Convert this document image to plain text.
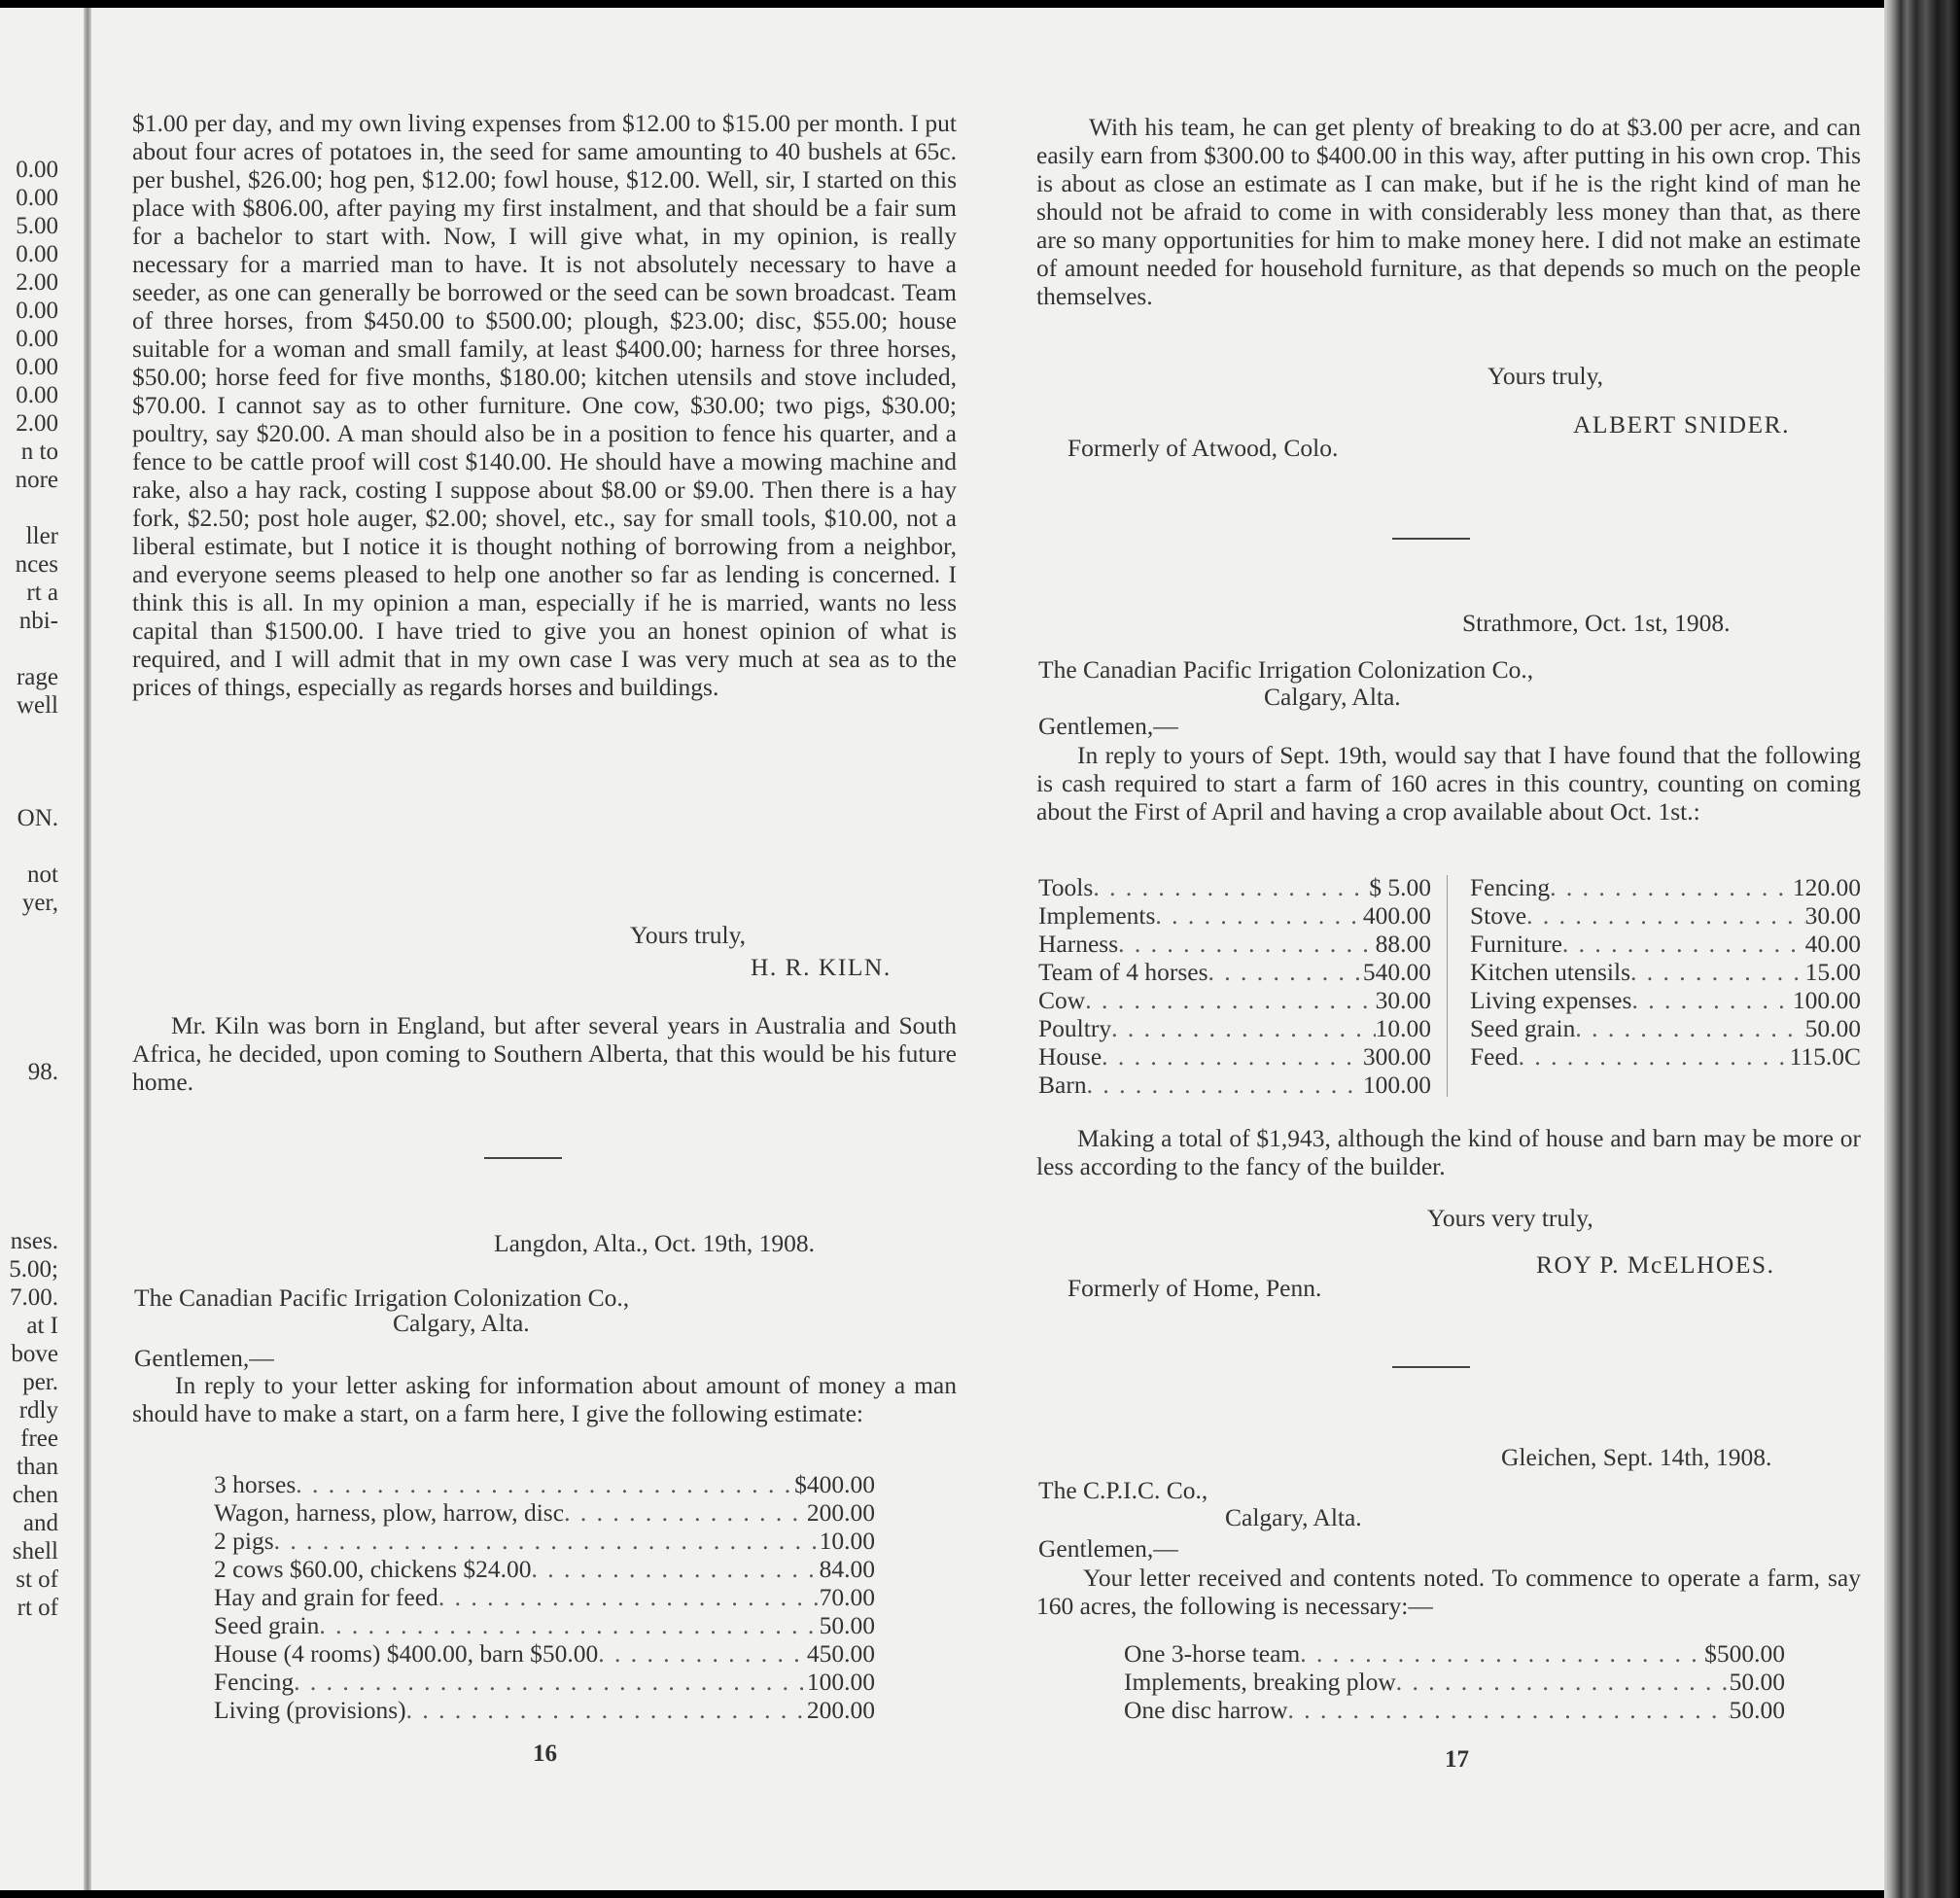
0.00
0.00
5.00
0.00
2.00
0.00
0.00
0.00
0.00
2.00
n to
nore

ller
nces
rt a
nbi-

rage
well

ON.

not
yer,

98.

nses.
5.00;
7.00.
at I
bove
per.
rdly
free
than
chen
and
shell
st of
rt of

$1.00 per day, and my own living expenses from $12.00 to $15.00 per month. I put about four acres of potatoes in, the seed for same amounting to 40 bushels at 65c. per bushel, $26.00; hog pen, $12.00; fowl house, $12.00. Well, sir, I started on this place with $806.00, after paying my first instalment, and that should be a fair sum for a bachelor to start with. Now, I will give what, in my opinion, is really necessary for a married man to have. It is not absolutely necessary to have a seeder, as one can generally be borrowed or the seed can be sown broadcast. Team of three horses, from $450.00 to $500.00; plough, $23.00; disc, $55.00; house suitable for a woman and small family, at least $400.00; harness for three horses, $50.00; horse feed for five months, $180.00; kitchen utensils and stove included, $70.00. I cannot say as to other furniture. One cow, $30.00; two pigs, $30.00; poultry, say $20.00. A man should also be in a position to fence his quarter, and a fence to be cattle proof will cost $140.00. He should have a mowing machine and rake, also a hay rack, costing I suppose about $8.00 or $9.00. Then there is a hay fork, $2.50; post hole auger, $2.00; shovel, etc., say for small tools, $10.00, not a liberal estimate, but I notice it is thought nothing of borrowing from a neighbor, and everyone seems pleased to help one another so far as lending is concerned. I think this is all. In my opinion a man, especially if he is married, wants no less capital than $1500.00. I have tried to give you an honest opinion of what is required, and I will admit that in my own case I was very much at sea as to the prices of things, especially as regards horses and buildings.

Yours truly,
H. R. KILN.

Mr. Kiln was born in England, but after several years in Australia and South Africa, he decided, upon coming to Southern Alberta, that this would be his future home.

Langdon, Alta., Oct. 19th, 1908.
The Canadian Pacific Irrigation Colonization Co.,
Calgary, Alta.
Gentlemen,—

In reply to your letter asking for information about amount of money a man should have to make a start, on a farm here, I give the following estimate:

3 horses . . .	$400.00
Wagon, harness, plow, harrow, disc . . .	200.00
2 pigs . . .	10.00
2 cows $60.00, chickens $24.00 . . .	84.00
Hay and grain for feed . . .	70.00
Seed grain . . .	50.00
House (4 rooms) $400.00, barn $50.00 . . .	450.00
Fencing . . .	100.00
Living (provisions) . . .	200.00
16

With his team, he can get plenty of breaking to do at $3.00 per acre, and can easily earn from $300.00 to $400.00 in this way, after putting in his own crop. This is about as close an estimate as I can make, but if he is the right kind of man he should not be afraid to come in with considerably less money than that, as there are so many opportunities for him to make money here. I did not make an estimate of amount needed for household furniture, as that depends so much on the people themselves.

Yours truly,
ALBERT SNIDER.
Formerly of Atwood, Colo.
Strathmore, Oct. 1st, 1908.
The Canadian Pacific Irrigation Colonization Co.,
Calgary, Alta.
Gentlemen,—

In reply to yours of Sept. 19th, would say that I have found that the following is cash required to start a farm of 160 acres in this country, counting on coming about the First of April and having a crop available about Oct. 1st.:

Tools . . .	$ 5.00
Implements . . .	400.00
Harness . . .	88.00
Team of 4 horses . . .	540.00
Cow . . .	30.00
Poultry . . .	10.00
House . . .	300.00
Barn . . .	100.00
Fencing . . .	120.00
Stove . . .	30.00
Furniture . . .	40.00
Kitchen utensils . . .	15.00
Living expenses . . .	100.00
Seed grain . . .	50.00
Feed . . .	115.0C

Making a total of $1,943, although the kind of house and barn may be more or less according to the fancy of the builder.

Yours very truly,
ROY P. McELHOES.
Formerly of Home, Penn.
Gleichen, Sept. 14th, 1908.
The C.P.I.C. Co.,
Calgary, Alta.
Gentlemen,—

Your letter received and contents noted. To commence to operate a farm, say 160 acres, the following is necessary:—

One 3-horse team . . .	$500.00
Implements, breaking plow . . .	50.00
One disc harrow . . .	50.00
17
